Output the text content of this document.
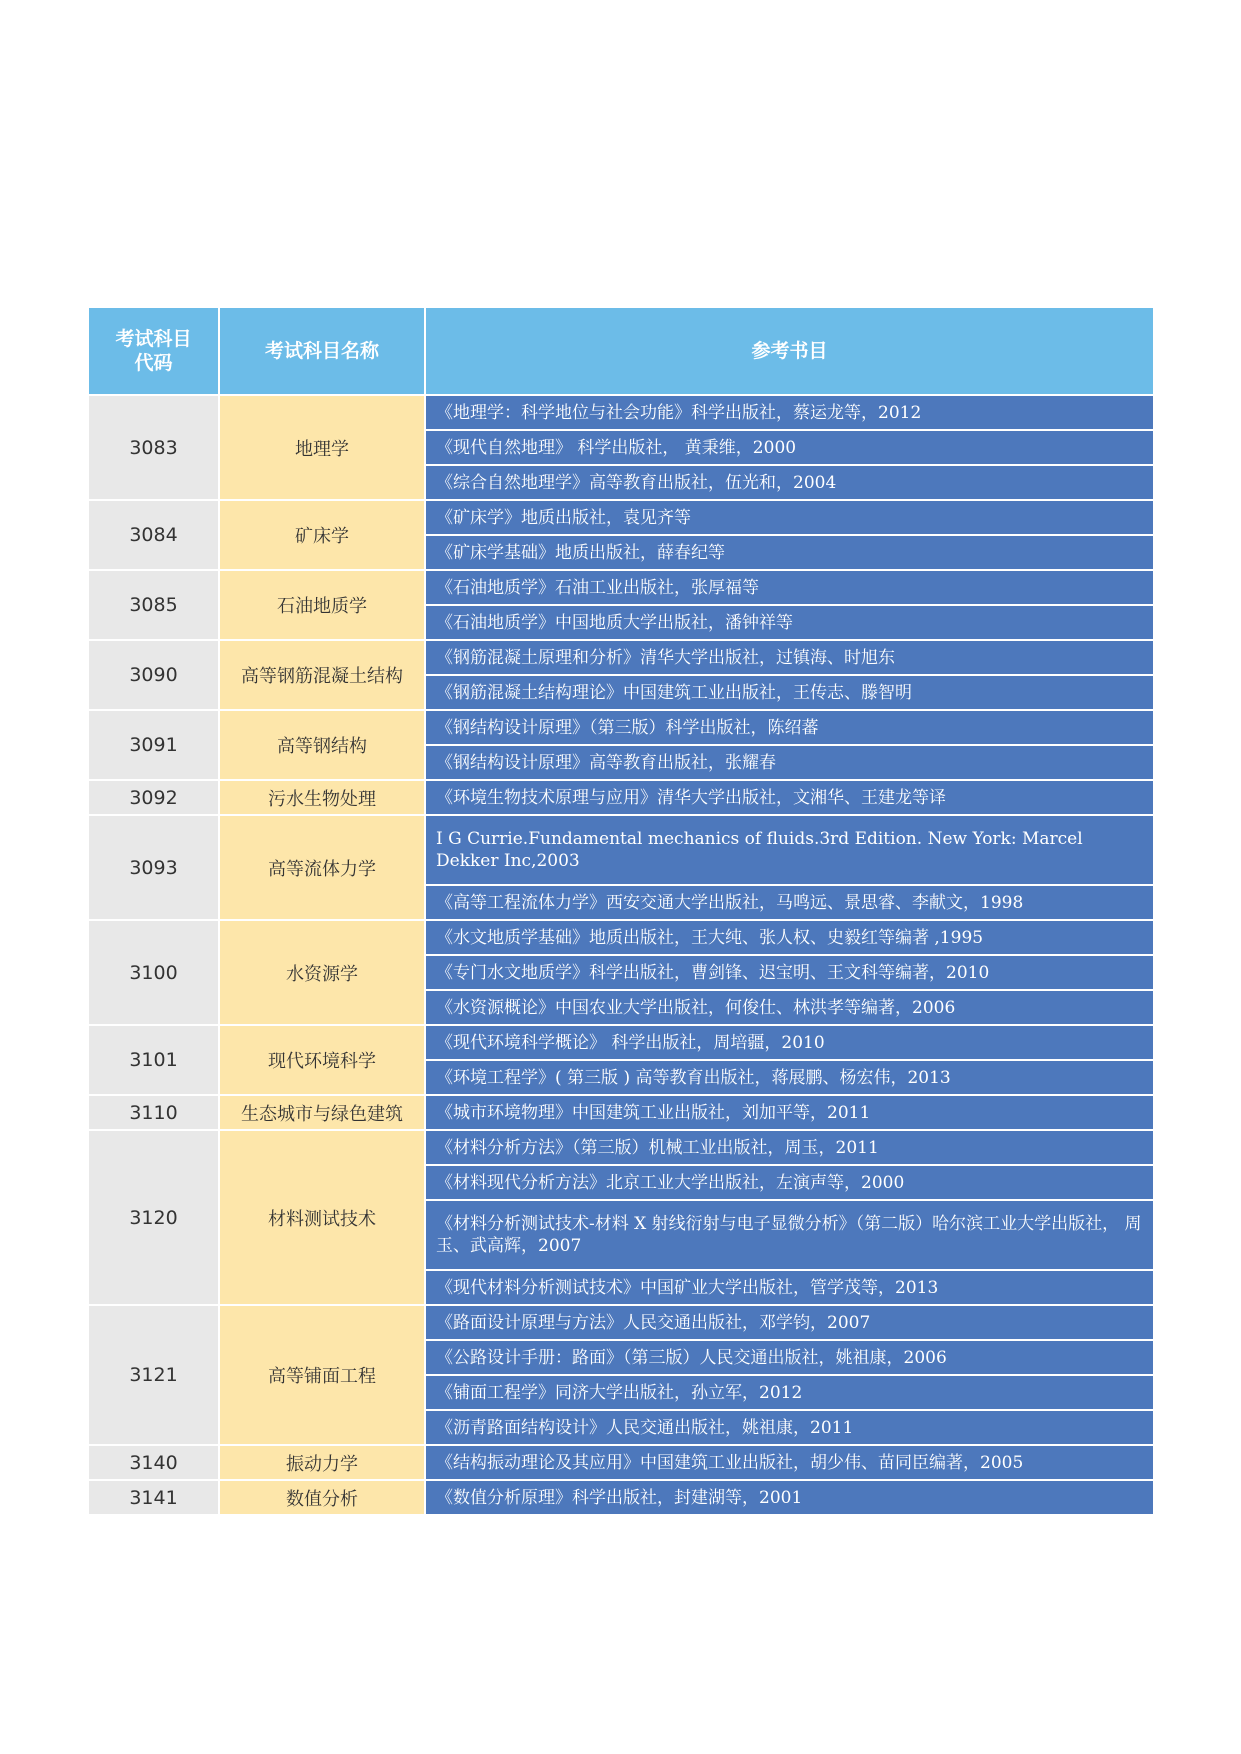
考试科目
代码	考试科目名称	参考书目
3083	地理学	《地理学：科学地位与社会功能》科学出版社，蔡运龙等，2012
		《现代自然地理》 科学出版社， 黄秉维，2000
		《综合自然地理学》高等教育出版社，伍光和，2004
3084	矿床学	《矿床学》地质出版社，袁见齐等
		《矿床学基础》地质出版社，薛春纪等
3085	石油地质学	《石油地质学》石油工业出版社，张厚福等
		《石油地质学》中国地质大学出版社，潘钟祥等
3090	高等钢筋混凝土结构	《钢筋混凝土原理和分析》清华大学出版社，过镇海、时旭东
		《钢筋混凝土结构理论》中国建筑工业出版社，王传志、滕智明
3091	高等钢结构	《钢结构设计原理》（第三版）科学出版社，陈绍蕃
		《钢结构设计原理》高等教育出版社，张耀春
3092	污水生物处理	《环境生物技术原理与应用》清华大学出版社，文湘华、王建龙等译
3093	高等流体力学	I G Currie.Fundamental mechanics of fluids.3rd Edition. New York: Marcel Dekker Inc,2003
		《高等工程流体力学》西安交通大学出版社，马鸣远、景思睿、李献文，1998
3100	水资源学	《水文地质学基础》地质出版社，王大纯、张人权、史毅红等编著 ,1995
		《专门水文地质学》科学出版社，曹剑锋、迟宝明、王文科等编著，2010
		《水资源概论》中国农业大学出版社，何俊仕、林洪孝等编著，2006
3101	现代环境科学	《现代环境科学概论》 科学出版社，周培疆，2010
		《环境工程学》( 第三版 ) 高等教育出版社，蒋展鹏、杨宏伟，2013
3110	生态城市与绿色建筑	《城市环境物理》中国建筑工业出版社，刘加平等，2011
3120	材料测试技术	《材料分析方法》（第三版）机械工业出版社，周玉，2011
		《材料现代分析方法》北京工业大学出版社，左演声等，2000
		《材料分析测试技术-材料 X 射线衍射与电子显微分析》（第二版）哈尔滨工业大学出版社， 周玉、武高辉，2007
		《现代材料分析测试技术》中国矿业大学出版社，管学茂等，2013
3121	高等铺面工程	《路面设计原理与方法》人民交通出版社，邓学钧，2007
		《公路设计手册：路面》（第三版）人民交通出版社，姚祖康，2006
		《铺面工程学》同济大学出版社，孙立军，2012
		《沥青路面结构设计》人民交通出版社，姚祖康，2011
3140	振动力学	《结构振动理论及其应用》中国建筑工业出版社，胡少伟、苗同臣编著，2005
3141	数值分析	《数值分析原理》科学出版社，封建湖等，2001
